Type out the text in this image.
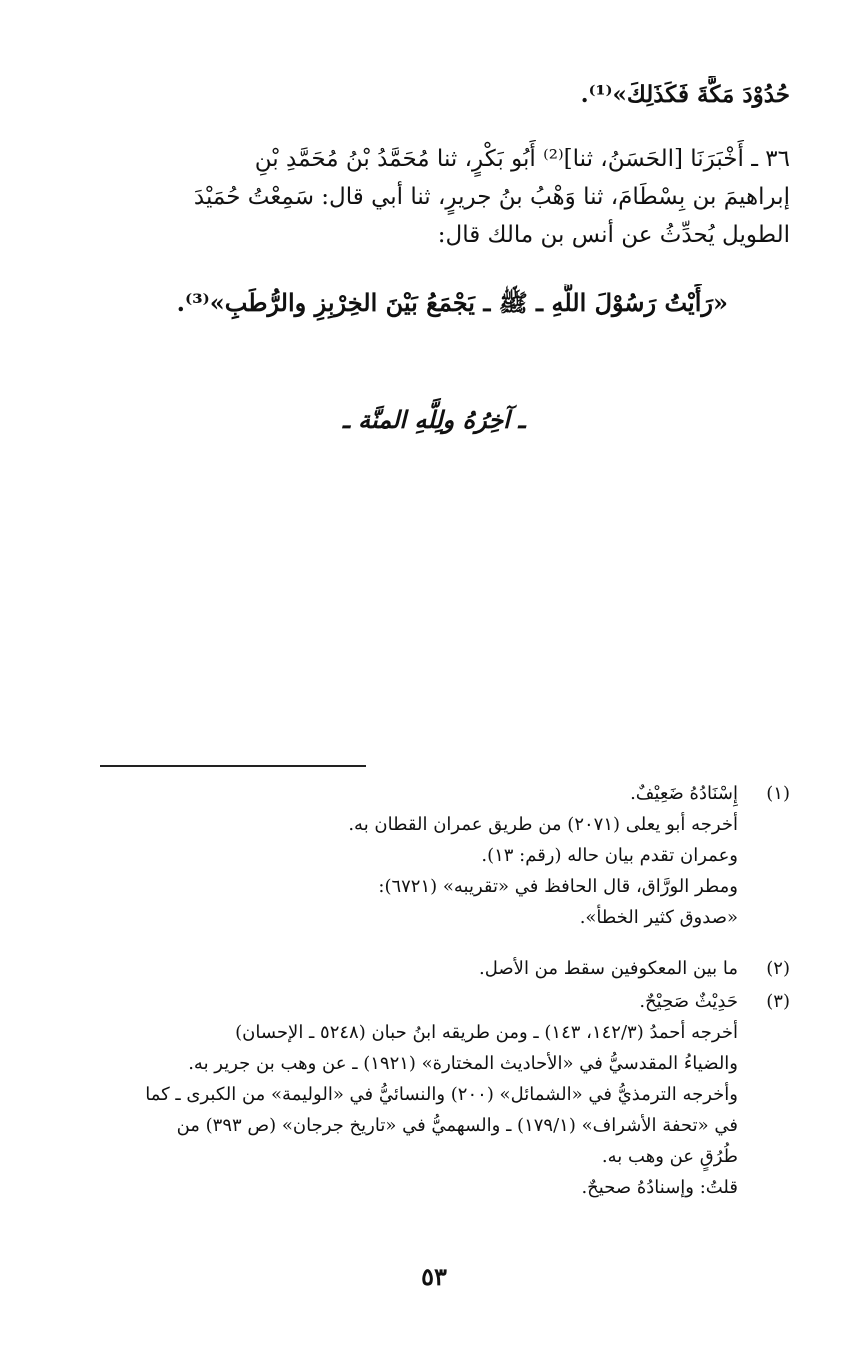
حُدُوْدَ مَكَّةَ فَكَذَلِكَ»⁽¹⁾.
٣٦ ـ أَخْبَرَنَا [الحَسَنُ، ثنا]⁽²⁾ أَبُو بَكْرٍ، ثنا مُحَمَّدُ بْنُ مُحَمَّدِ بْنِ
إبراهيمَ بن بِسْطَامَ، ثنا وَهْبُ بنُ جريرٍ، ثنا أبي قال: سَمِعْتُ حُمَيْدَ
الطويل يُحدِّثُ عن أنس بن مالك قال:
«رَأَيْتُ رَسُوْلَ اللَّهِ ـ ﷺ ـ يَجْمَعُ بَيْنَ الخِرْبِزِ والرُّطَبِ»⁽³⁾.
ـ آخِرُهُ ولِلَّهِ المنَّة ـ
(١)
إِسْنَادُهُ ضَعِيْفٌ.
أخرجه أبو يعلى (٢٠٧١) من طريق عمران القطان به.
وعمران تقدم بيان حاله (رقم: ١٣).
ومطر الورَّاق، قال الحافظ في «تقريبه» (٦٧٢١):
«صدوق كثير الخطأ».
(٢)
ما بين المعكوفين سقط من الأصل.
(٣)
حَدِيْثٌ صَحِيْحٌ.
أخرجه أحمدُ (١٤٢/٣، ١٤٣) ـ ومن طريقه ابنُ حبان (٥٢٤٨ ـ الإحسان)
والضياءُ المقدسيُّ في «الأحاديث المختارة» (١٩٢١) ـ عن وهب بن جرير به.
وأخرجه الترمذيُّ في «الشمائل» (٢٠٠) والنسائيُّ في «الوليمة» من الكبرى ـ كما
في «تحفة الأشراف» (١٧٩/١) ـ والسهميُّ في «تاريخ جرجان» (ص ٣٩٣) من
طُرُقٍ عن وهب به.
قلتُ: وإسنادُهُ صحيحٌ.
٥٣
